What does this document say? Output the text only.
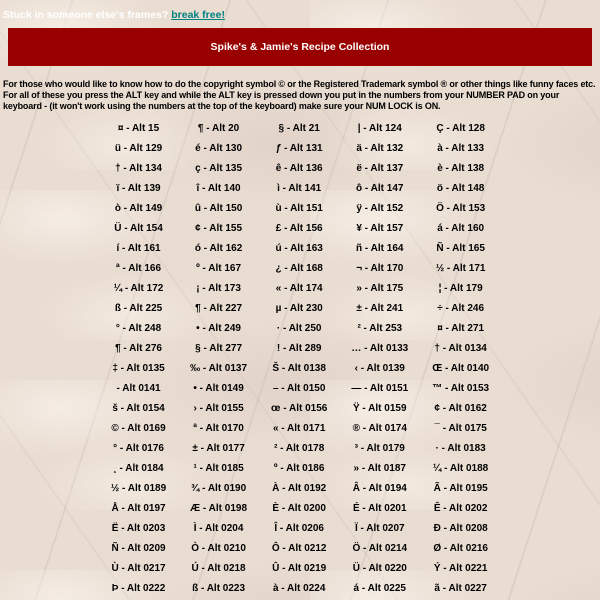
Stuck in someone else's frames? break free!
Spike's & Jamie's Recipe Collection

For those who would like to know how to do the copyright symbol © or the Registered Trademark symbol ® or other things like funny faces etc. For all of these you press the ALT key and while the ALT key is pressed down you put in the numbers from your NUMBER PAD on your keyboard - (it won't work using the numbers at the top of the keyboard) make sure your NUM LOCK is ON.

¤ - Alt 15	¶ - Alt 20	§ - Alt 21	| - Alt 124	Ç - Alt 128
ü - Alt 129	é - Alt 130	ƒ - Alt 131	ä - Alt 132	à - Alt 133
† - Alt 134	ç - Alt 135	ê - Alt 136	ë - Alt 137	è - Alt 138
ï - Alt 139	î - Alt 140	ì - Alt 141	ô - Alt 147	ö - Alt 148
ò - Alt 149	û - Alt 150	ù - Alt 151	ÿ - Alt 152	Ö - Alt 153
Ü - Alt 154	¢ - Alt 155	£ - Alt 156	¥ - Alt 157	á - Alt 160
í - Alt 161	ó - Alt 162	ú - Alt 163	ñ - Alt 164	Ñ - Alt 165
ª - Alt 166	º - Alt 167	¿ - Alt 168	¬ - Alt 170	½ - Alt 171
¼ - Alt 172	¡ - Alt 173	« - Alt 174	» - Alt 175	¦ - Alt 179
ß - Alt 225	¶ - Alt 227	µ - Alt 230	± - Alt 241	÷ - Alt 246
° - Alt 248	• - Alt 249	· - Alt 250	² - Alt 253	¤ - Alt 271
¶ - Alt 276	§ - Alt 277	! - Alt 289	… - Alt 0133	† - Alt 0134
‡ - Alt 0135	‰ - Alt 0137	Š - Alt 0138	‹ - Alt 0139	Œ - Alt 0140
- Alt 0141	• - Alt 0149	– - Alt 0150	— - Alt 0151	™ - Alt 0153
š - Alt 0154	› - Alt 0155	œ - Alt 0156	Ÿ - Alt 0159	¢ - Alt 0162
© - Alt 0169	ª - Alt 0170	« - Alt 0171	® - Alt 0174	¯ - Alt 0175
° - Alt 0176	± - Alt 0177	² - Alt 0178	³ - Alt 0179	· - Alt 0183
¸ - Alt 0184	¹ - Alt 0185	º - Alt 0186	» - Alt 0187	¼ - Alt 0188
½ - Alt 0189	¾ - Alt 0190	À - Alt 0192	Â - Alt 0194	Ã - Alt 0195
Å - Alt 0197	Æ - Alt 0198	È - Alt 0200	É - Alt 0201	Ê - Alt 0202
Ë - Alt 0203	Ì - Alt 0204	Î - Alt 0206	Ï - Alt 0207	Ð - Alt 0208
Ñ - Alt 0209	Ò - Alt 0210	Ô - Alt 0212	Ö - Alt 0214	Ø - Alt 0216
Ù - Alt 0217	Ú - Alt 0218	Û - Alt 0219	Ü - Alt 0220	Ý - Alt 0221
Þ - Alt 0222	ß - Alt 0223	à - Alt 0224	á - Alt 0225	ã - Alt 0227
